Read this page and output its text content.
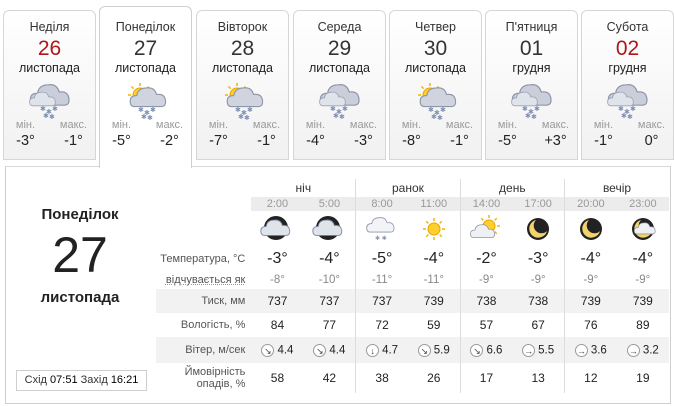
Неділя
26
листопада
✱ ✱ ✱
✱ ✱
мін.
-3°
макс.
-1°
Понеділок
27
листопада
✱ ✱ ✱
✱ ✱
мін.
-5°
макс.
-2°
Вівторок
28
листопада
✱ ✱ ✱
✱ ✱
мін.
-7°
макс.
-1°
Середа
29
листопада
✱ ✱ ✱
✱ ✱
мін.
-4°
макс.
-3°
Четвер
30
листопада
✱ ✱ ✱
✱ ✱
мін.
-8°
макс.
-1°
П'ятниця
01
грудня
✱ ✱ ✱
✱ ✱
мін.
-5°
макс.
+3°
Субота
02
грудня
✱ ✱ ✱
✱ ✱
мін.
-1°
макс.
0°
Понеділок
27
листопада
Схід 07:51 Захід 16:21
	ніч		ранок		день		вечір	
	2:00	5:00	8:00	11:00	14:00	17:00	20:00	23:00

✱ ✱

Температура, °C	-3°	-4°	-5°	-4°	-2°	-3°	-4°	-4°
відчувається як	-8°	-10°	-11°	-11°	-9°	-9°	-9°	-9°
Тиск, мм	737	737	737	739	738	738	739	739
Вологість, %	84	77	72	59	57	67	76	89
Вітер, м/сек	↘ 4.4	↘ 4.4	↓ 4.7	↘ 5.9	↘ 6.6	→ 5.5	→ 3.6	→ 3.2
Ймовірність опадів, %	58	42	38	26	17	13	12	19
